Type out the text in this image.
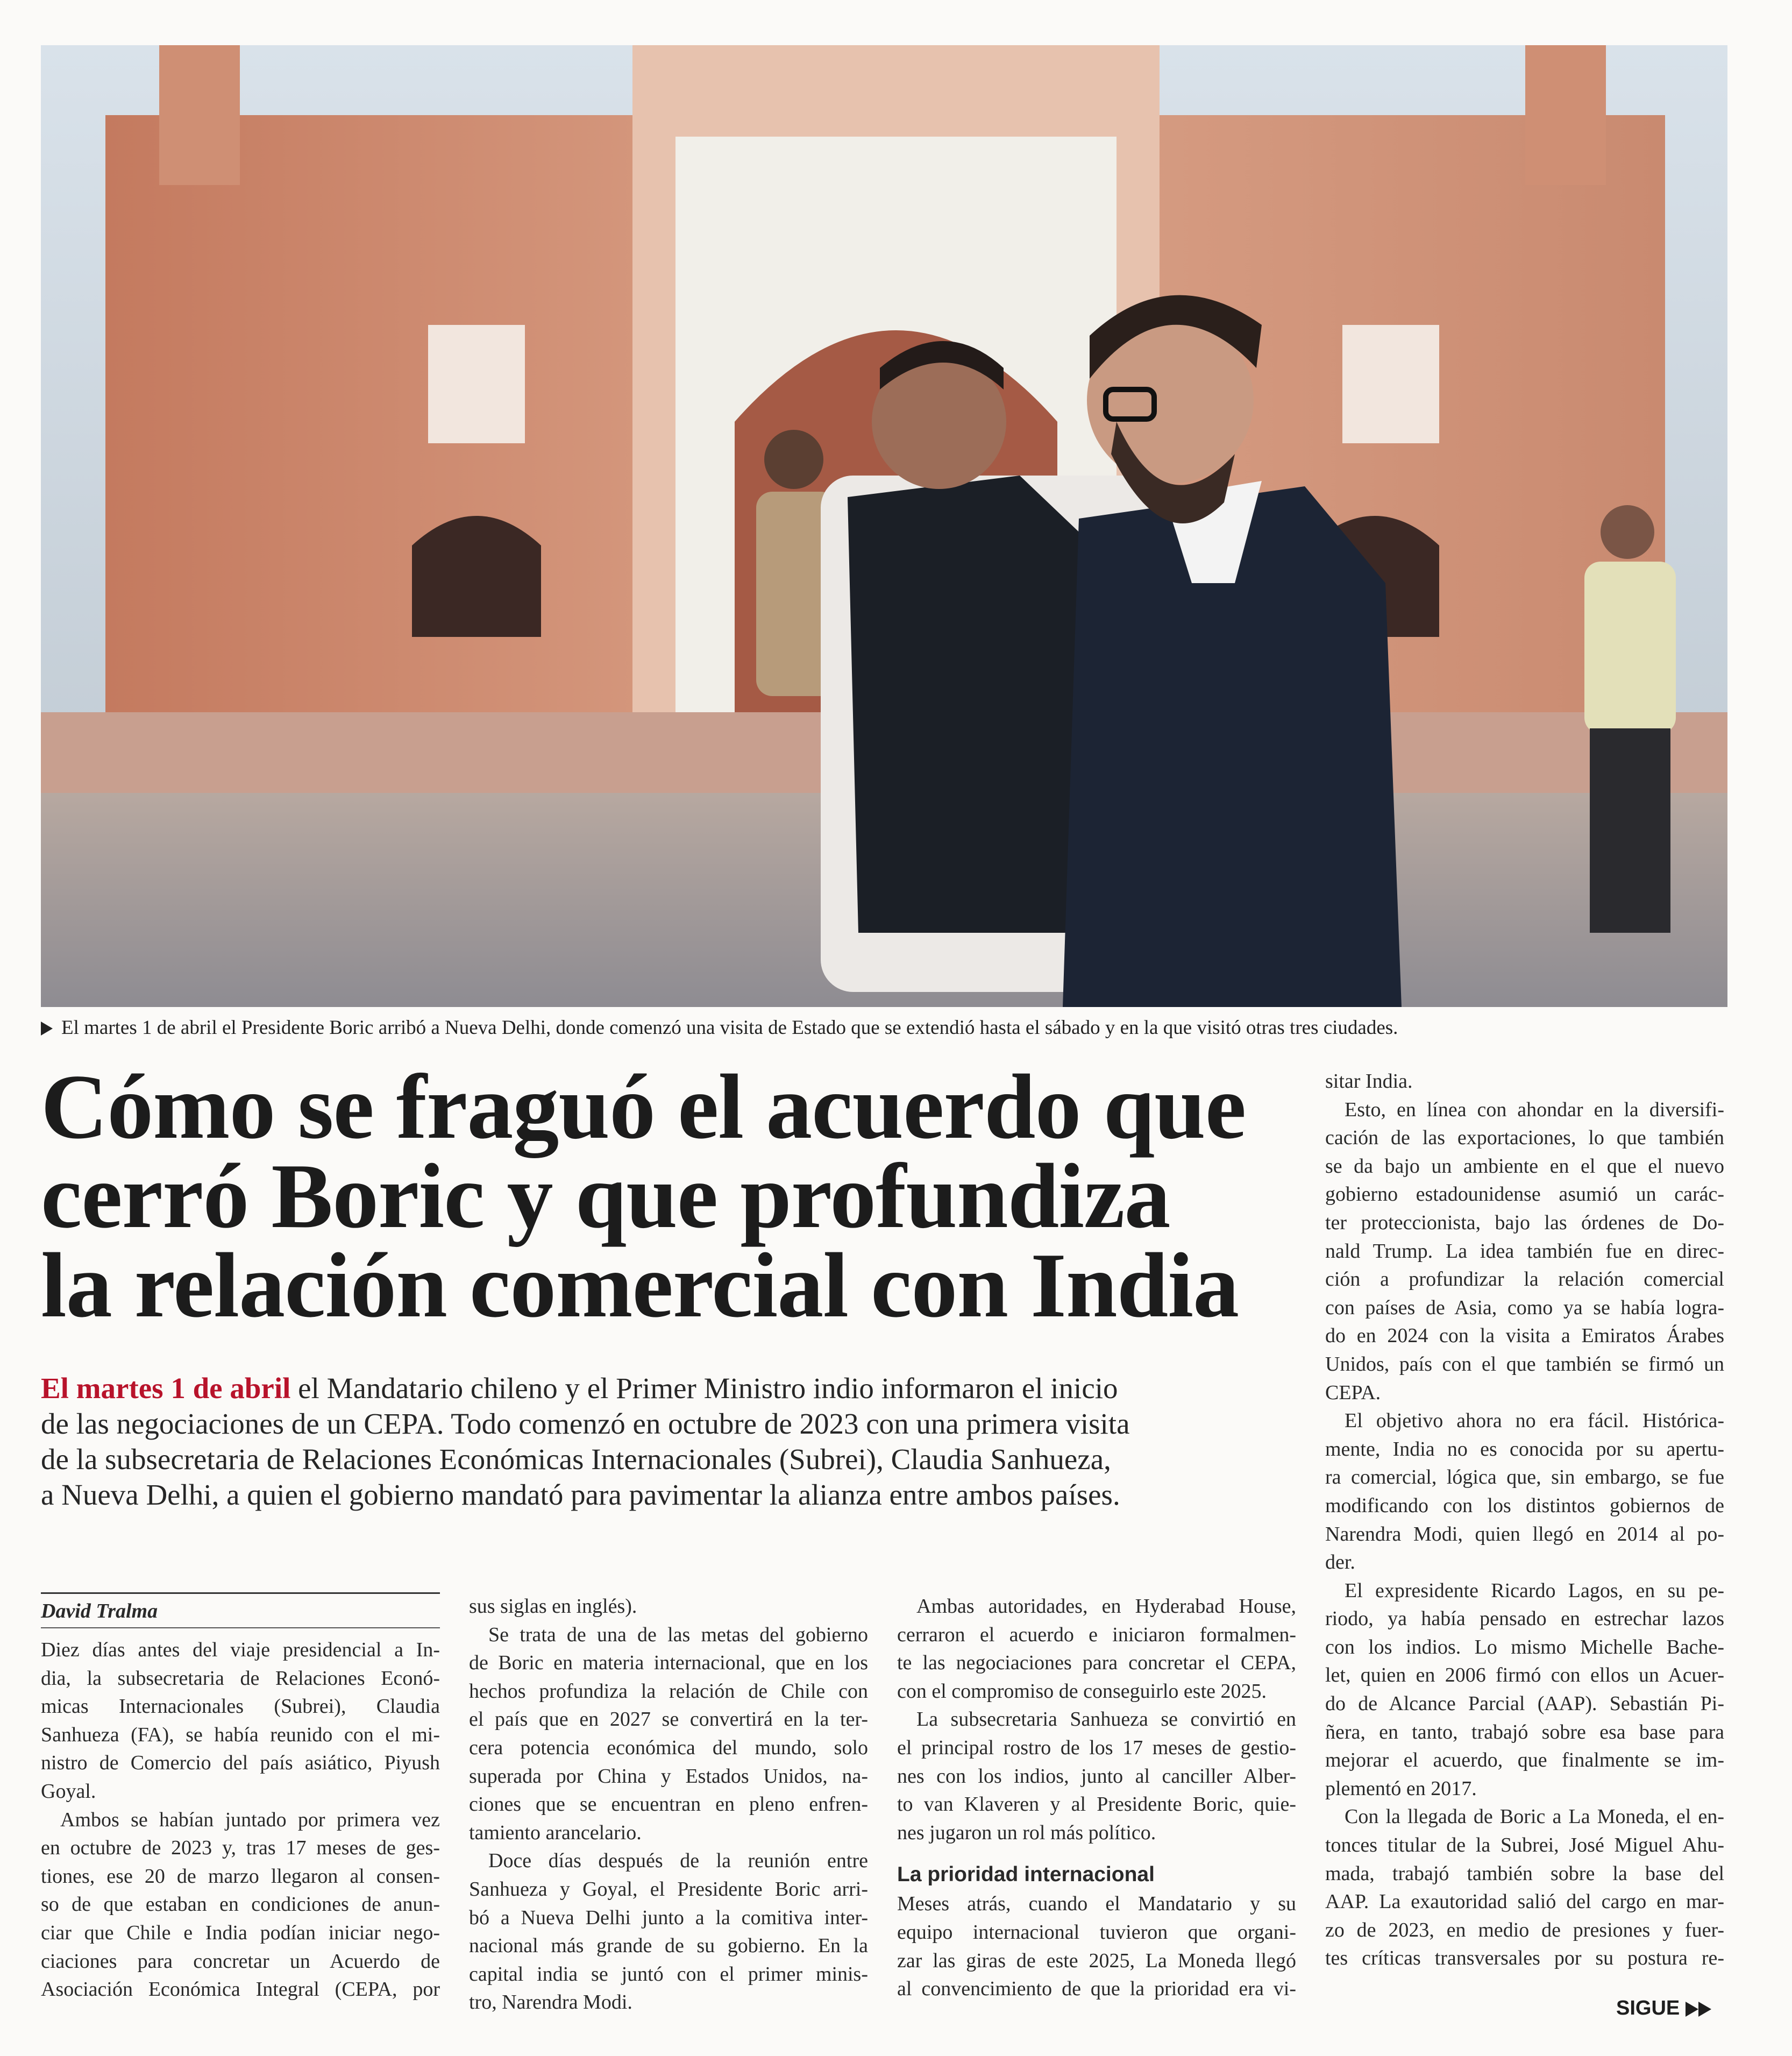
El martes 1 de abril el Presidente Boric arribó a Nueva Delhi, donde comenzó una visita de Estado que se extendió hasta el sábado y en la que visitó otras tres ciudades.
Cómo se fraguó el acuerdo que
cerró Boric y que profundiza
la relación comercial con India
El martes 1 de abril el Mandatario chileno y el Primer Ministro indio informaron el inicio
de las negociaciones de un CEPA. Todo comenzó en octubre de 2023 con una primera visita
de la subsecretaria de Relaciones Económicas Internacionales (Subrei), Claudia Sanhueza,
a Nueva Delhi, a quien el gobierno mandató para pavimentar la alianza entre ambos países.
David Tralma
Diez días antes del viaje presidencial a In-
dia, la subsecretaria de Relaciones Econó-
micas Internacionales (Subrei), Claudia
Sanhueza (FA), se había reunido con el mi-
nistro de Comercio del país asiático, Piyush
Goyal.
Ambos se habían juntado por primera vez
en octubre de 2023 y, tras 17 meses de ges-
tiones, ese 20 de marzo llegaron al consen-
so de que estaban en condiciones de anun-
ciar que Chile e India podían iniciar nego-
ciaciones para concretar un Acuerdo de
Asociación Económica Integral (CEPA, por
sus siglas en inglés).
Se trata de una de las metas del gobierno
de Boric en materia internacional, que en los
hechos profundiza la relación de Chile con
el país que en 2027 se convertirá en la ter-
cera potencia económica del mundo, solo
superada por China y Estados Unidos, na-
ciones que se encuentran en pleno enfren-
tamiento arancelario.
Doce días después de la reunión entre
Sanhueza y Goyal, el Presidente Boric arri-
bó a Nueva Delhi junto a la comitiva inter-
nacional más grande de su gobierno. En la
capital india se juntó con el primer minis-
tro, Narendra Modi.
Ambas autoridades, en Hyderabad House,
cerraron el acuerdo e iniciaron formalmen-
te las negociaciones para concretar el CEPA,
con el compromiso de conseguirlo este 2025.
La subsecretaria Sanhueza se convirtió en
el principal rostro de los 17 meses de gestio-
nes con los indios, junto al canciller Alber-
to van Klaveren y al Presidente Boric, quie-
nes jugaron un rol más político.
La prioridad internacional
Meses atrás, cuando el Mandatario y su
equipo internacional tuvieron que organi-
zar las giras de este 2025, La Moneda llegó
al convencimiento de que la prioridad era vi-
sitar India.
Esto, en línea con ahondar en la diversifi-
cación de las exportaciones, lo que también
se da bajo un ambiente en el que el nuevo
gobierno estadounidense asumió un carác-
ter proteccionista, bajo las órdenes de Do-
nald Trump. La idea también fue en direc-
ción a profundizar la relación comercial
con países de Asia, como ya se había logra-
do en 2024 con la visita a Emiratos Árabes
Unidos, país con el que también se firmó un
CEPA.
El objetivo ahora no era fácil. Histórica-
mente, India no es conocida por su apertu-
ra comercial, lógica que, sin embargo, se fue
modificando con los distintos gobiernos de
Narendra Modi, quien llegó en 2014 al po-
der.
El expresidente Ricardo Lagos, en su pe-
riodo, ya había pensado en estrechar lazos
con los indios. Lo mismo Michelle Bache-
let, quien en 2006 firmó con ellos un Acuer-
do de Alcance Parcial (AAP). Sebastián Pi-
ñera, en tanto, trabajó sobre esa base para
mejorar el acuerdo, que finalmente se im-
plementó en 2017.
Con la llegada de Boric a La Moneda, el en-
tonces titular de la Subrei, José Miguel Ahu-
mada, trabajó también sobre la base del
AAP. La exautoridad salió del cargo en mar-
zo de 2023, en medio de presiones y fuer-
tes críticas transversales por su postura re-
SIGUE
